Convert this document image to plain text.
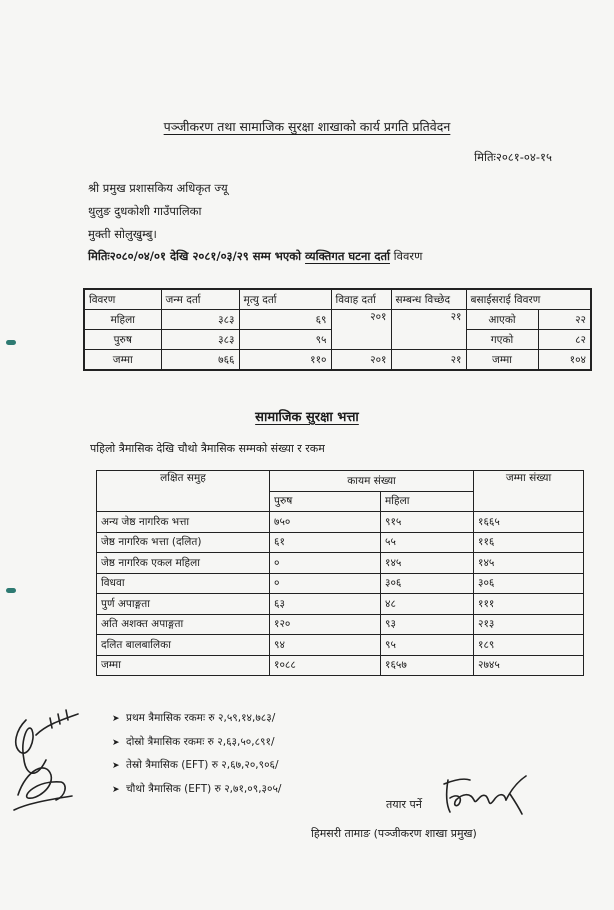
पञ्जीकरण तथा सामाजिक सुरक्षा शाखाको कार्य प्रगति प्रतिवेदन
मितिः२०८१-०४-१५
श्री प्रमुख प्रशासकिय अधिकृत ज्यू
थुलुङ दुधकोशी गाउँपालिका
मुक्ती सोलुखुम्बु।
मितिः२०८०/०४/०१ देखि २०८१/०३/२९ सम्म भएको व्यक्तिगत घटना दर्ता विवरण
विवरण	जन्म दर्ता	मृत्यु दर्ता	विवाह दर्ता	सम्बन्ध विच्छेद	बसाईसराई विवरण	
महिला	३८३	६९	२०१	२१	आएको	२२
पुरुष	३८३	९५			गएको	८२
जम्मा	७६६	११०	२०१	२१	जम्मा	१०४
सामाजिक सुरक्षा भत्ता
पहिलो त्रैमासिक देखि चौथो त्रैमासिक सम्मको संख्या र रकम
लक्षित समुह	कायम संख्या		जम्मा संख्या
	पुरुष	महिला	
अन्य जेष्ठ नागरिक भत्ता	७५०	९१५	१६६५
जेष्ठ नागरिक भत्ता (दलित)	६१	५५	११६
जेष्ठ नागरिक एकल महिला	०	१४५	१४५
विधवा	०	३०६	३०६
पुर्ण अपाङ्गता	६३	४८	१११
अति अशक्त अपाङ्गता	१२०	९३	२१३
दलित बालबालिका	९४	९५	१८९
जम्मा	१०८८	१६५७	२७४५
➤ प्रथम त्रैमासिक रकमः रु २,५९,१४,७८३/
➤ दोस्रो त्रैमासिक रकमः रु २,६३,५०,८९१/
➤ तेस्रो त्रैमासिक (EFT) रु २,६७,२०,९०६/
➤ चौथो त्रैमासिक (EFT) रु २,७१,०९,३०५/
तयार पर्ने
हिमसरी तामाङ (पञ्जीकरण शाखा प्रमुख)
